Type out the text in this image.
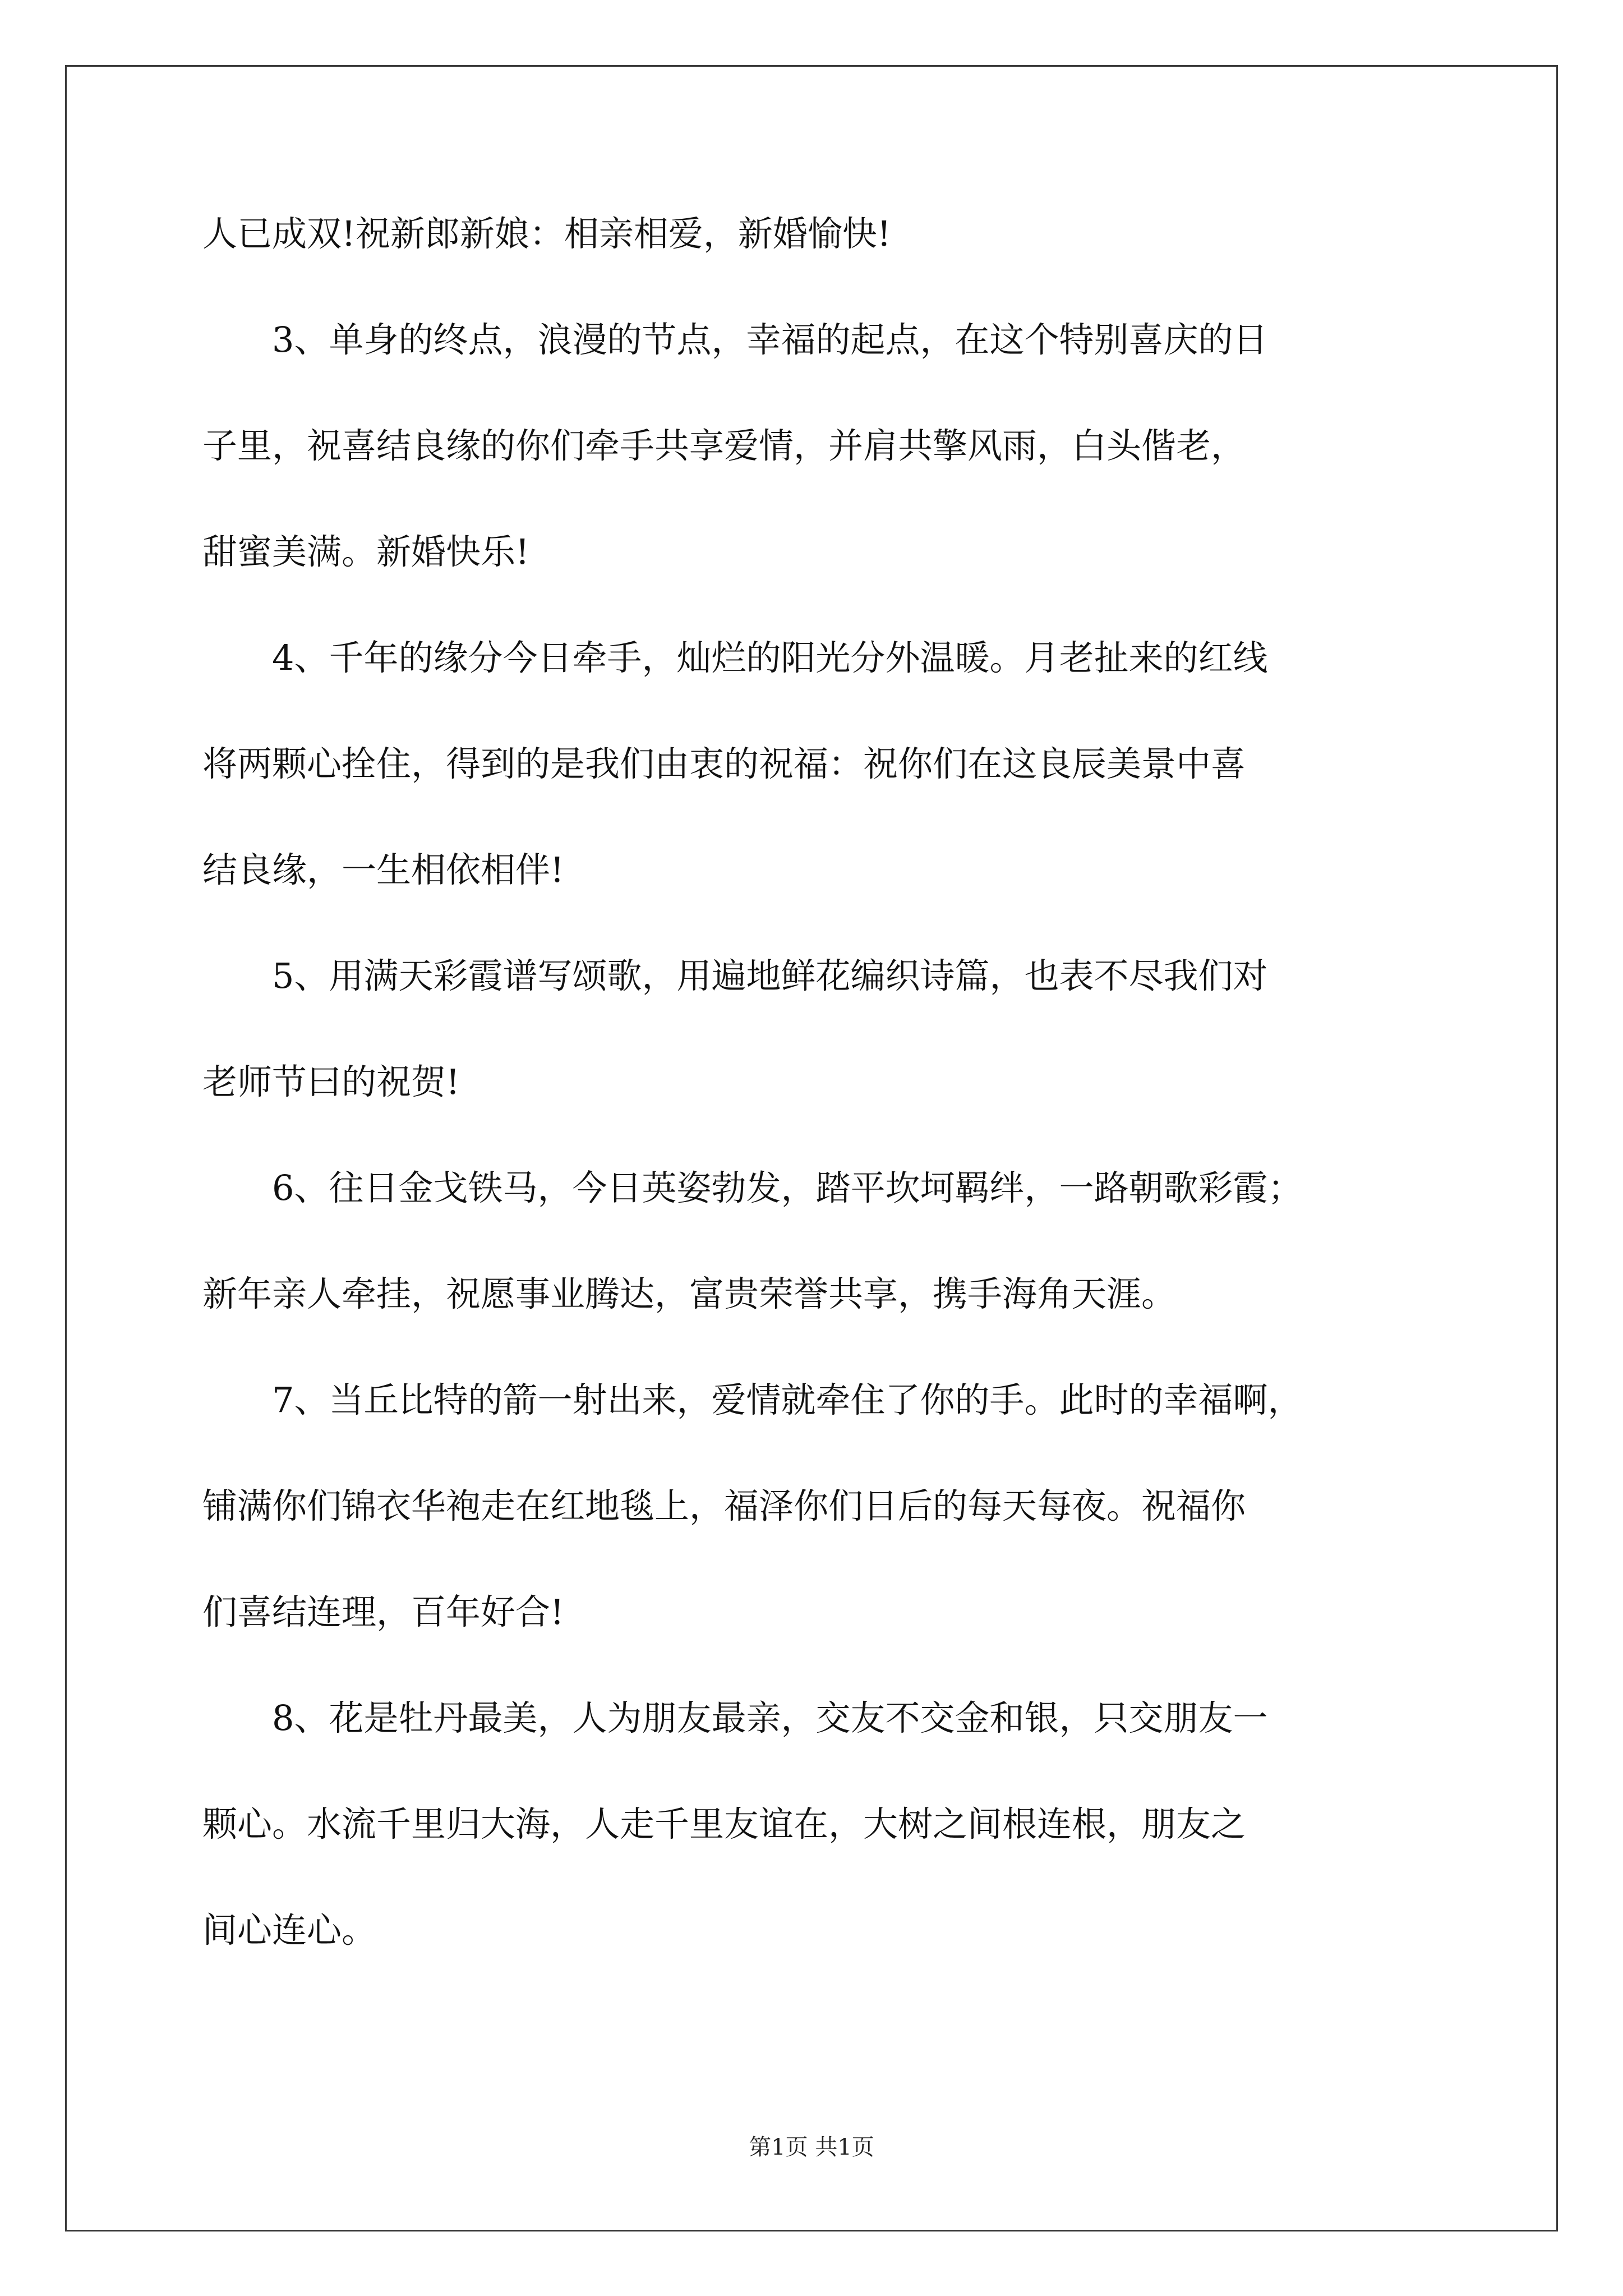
人已成双!祝新郎新娘：相亲相爱，新婚愉快!
3、单身的终点，浪漫的节点，幸福的起点，在这个特别喜庆的日
子里，祝喜结良缘的你们牵手共享爱情，并肩共擎风雨，白头偕老，
甜蜜美满。新婚快乐!
4、千年的缘分今日牵手，灿烂的阳光分外温暖。月老扯来的红线
将两颗心拴住，得到的是我们由衷的祝福：祝你们在这良辰美景中喜
结良缘，一生相依相伴!
5、用满天彩霞谱写颂歌，用遍地鲜花编织诗篇，也表不尽我们对
老师节曰的祝贺!
6、往日金戈铁马，今日英姿勃发，踏平坎坷羁绊，一路朝歌彩霞；
新年亲人牵挂，祝愿事业腾达，富贵荣誉共享，携手海角天涯。
7、当丘比特的箭一射出来，爱情就牵住了你的手。此时的幸福啊，
铺满你们锦衣华袍走在红地毯上，福泽你们日后的每天每夜。祝福你
们喜结连理，百年好合!
8、花是牡丹最美，人为朋友最亲，交友不交金和银，只交朋友一
颗心。水流千里归大海，人走千里友谊在，大树之间根连根，朋友之
间心连心。
第1页 共1页
